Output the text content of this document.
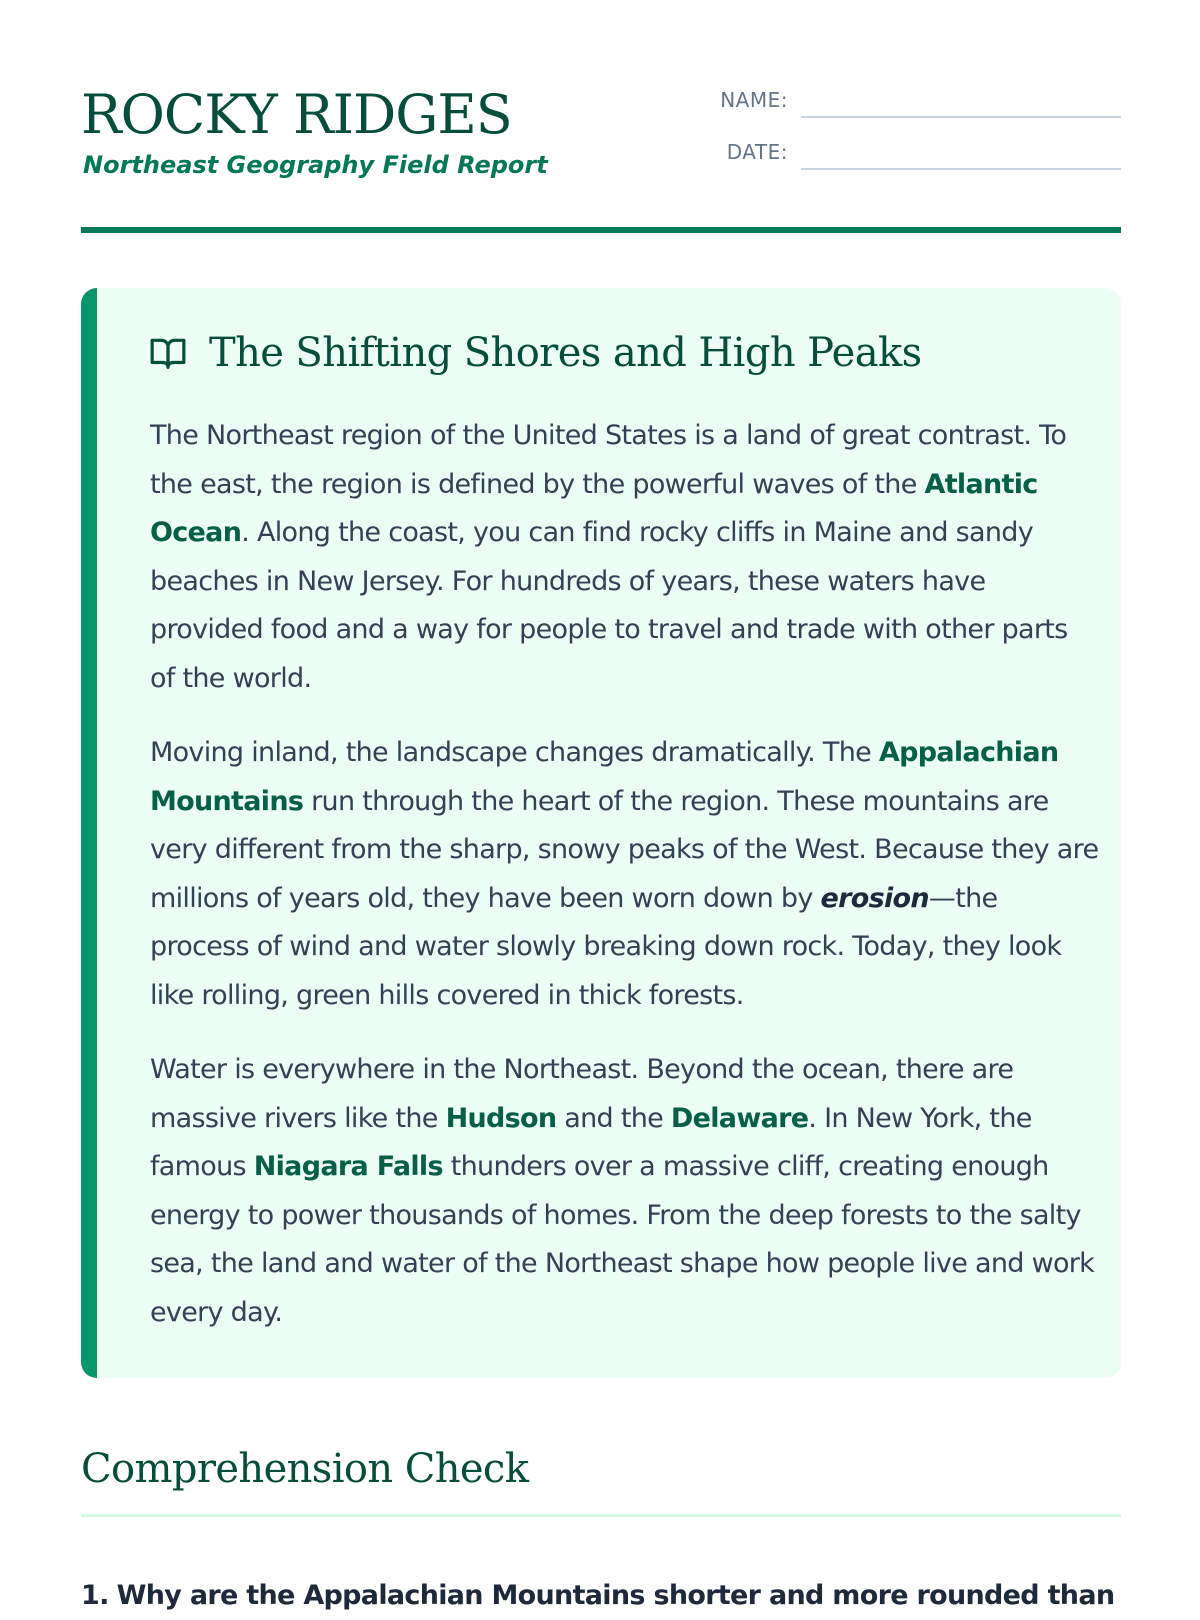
ROCKY RIDGES
Northeast Geography Field Report
NAME:
DATE:
The Shifting Shores and High Peaks

The Northeast region of the United States is a land of great contrast. To the east, the region is defined by the powerful waves of the Atlantic Ocean. Along the coast, you can find rocky cliffs in Maine and sandy beaches in New Jersey. For hundreds of years, these waters have provided food and a way for people to travel and trade with other parts of the world.

Moving inland, the landscape changes dramatically. The Appalachian Mountains run through the heart of the region. These mountains are very different from the sharp, snowy peaks of the West. Because they are millions of years old, they have been worn down by erosion—the process of wind and water slowly breaking down rock. Today, they look like rolling, green hills covered in thick forests.

Water is everywhere in the Northeast. Beyond the ocean, there are massive rivers like the Hudson and the Delaware. In New York, the famous Niagara Falls thunders over a massive cliff, creating enough energy to power thousands of homes. From the deep forests to the salty sea, the land and water of the Northeast shape how people live and work every day.

Comprehension Check

1. Why are the Appalachian Mountains shorter and more rounded than
